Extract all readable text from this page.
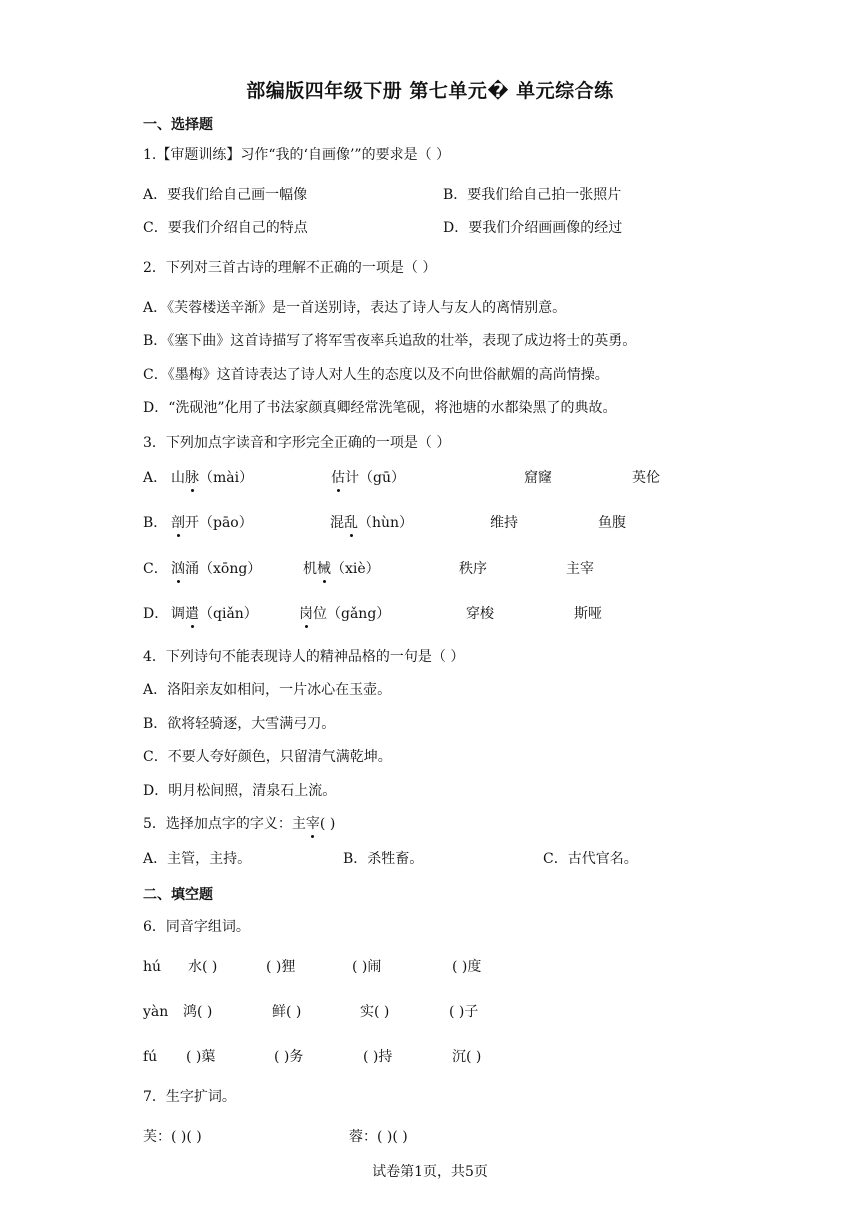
部编版四年级下册 第七单元� 单元综合练
一、选择题
1.【审题训练】习作“我的‘自画像’”的要求是（ ）
A．要我们给自己画一幅像	B．要我们给自己拍一张照片
C．要我们介绍自己的特点	D．要我们介绍画画像的经过
2．下列对三首古诗的理解不正确的一项是（ ）
A．《芙蓉楼送辛渐》是一首送别诗，表达了诗人与友人的离情别意。
B．《塞下曲》这首诗描写了将军雪夜率兵追敌的壮举，表现了成边将士的英勇。
C．《墨梅》这首诗表达了诗人对人生的态度以及不向世俗献媚的高尚情操。
D．“洗砚池”化用了书法家颜真卿经常洗笔砚，将池塘的水都染黑了的典故。
3．下列加点字读音和字形完全正确的一项是（ ）
A． 山脉（mài）	估计（gū）	窟窿	英伦
B． 剖开（pāo）	混乱（hùn）	维持	鱼腹
C． 汹涌（xōng）	机械（xiè）	秩序	主宰
D． 调遣（qiǎn）	岗位（gǎng）	穿梭	斯哑
4．下列诗句不能表现诗人的精神品格的一句是（ ）
A．洛阳亲友如相问，一片冰心在玉壶。
B．欲将轻骑逐，大雪满弓刀。
C．不要人夸好颜色，只留清气满乾坤。
D．明月松间照，清泉石上流。
5．选择加点字的字义：主宰( )
A．主管，主持。	B．杀牲畜。	C．古代官名。
二、填空题
6．同音字组词。
hú 水( )	( )狸	( )闹	( )度
yàn 鸿( )	鲜( )	实( )	( )子
fú ( )蕖	( )务	( )持	沉( )
7．生字扩词。
芙：( )( )	蓉：( )( )
试卷第1页，共5页
